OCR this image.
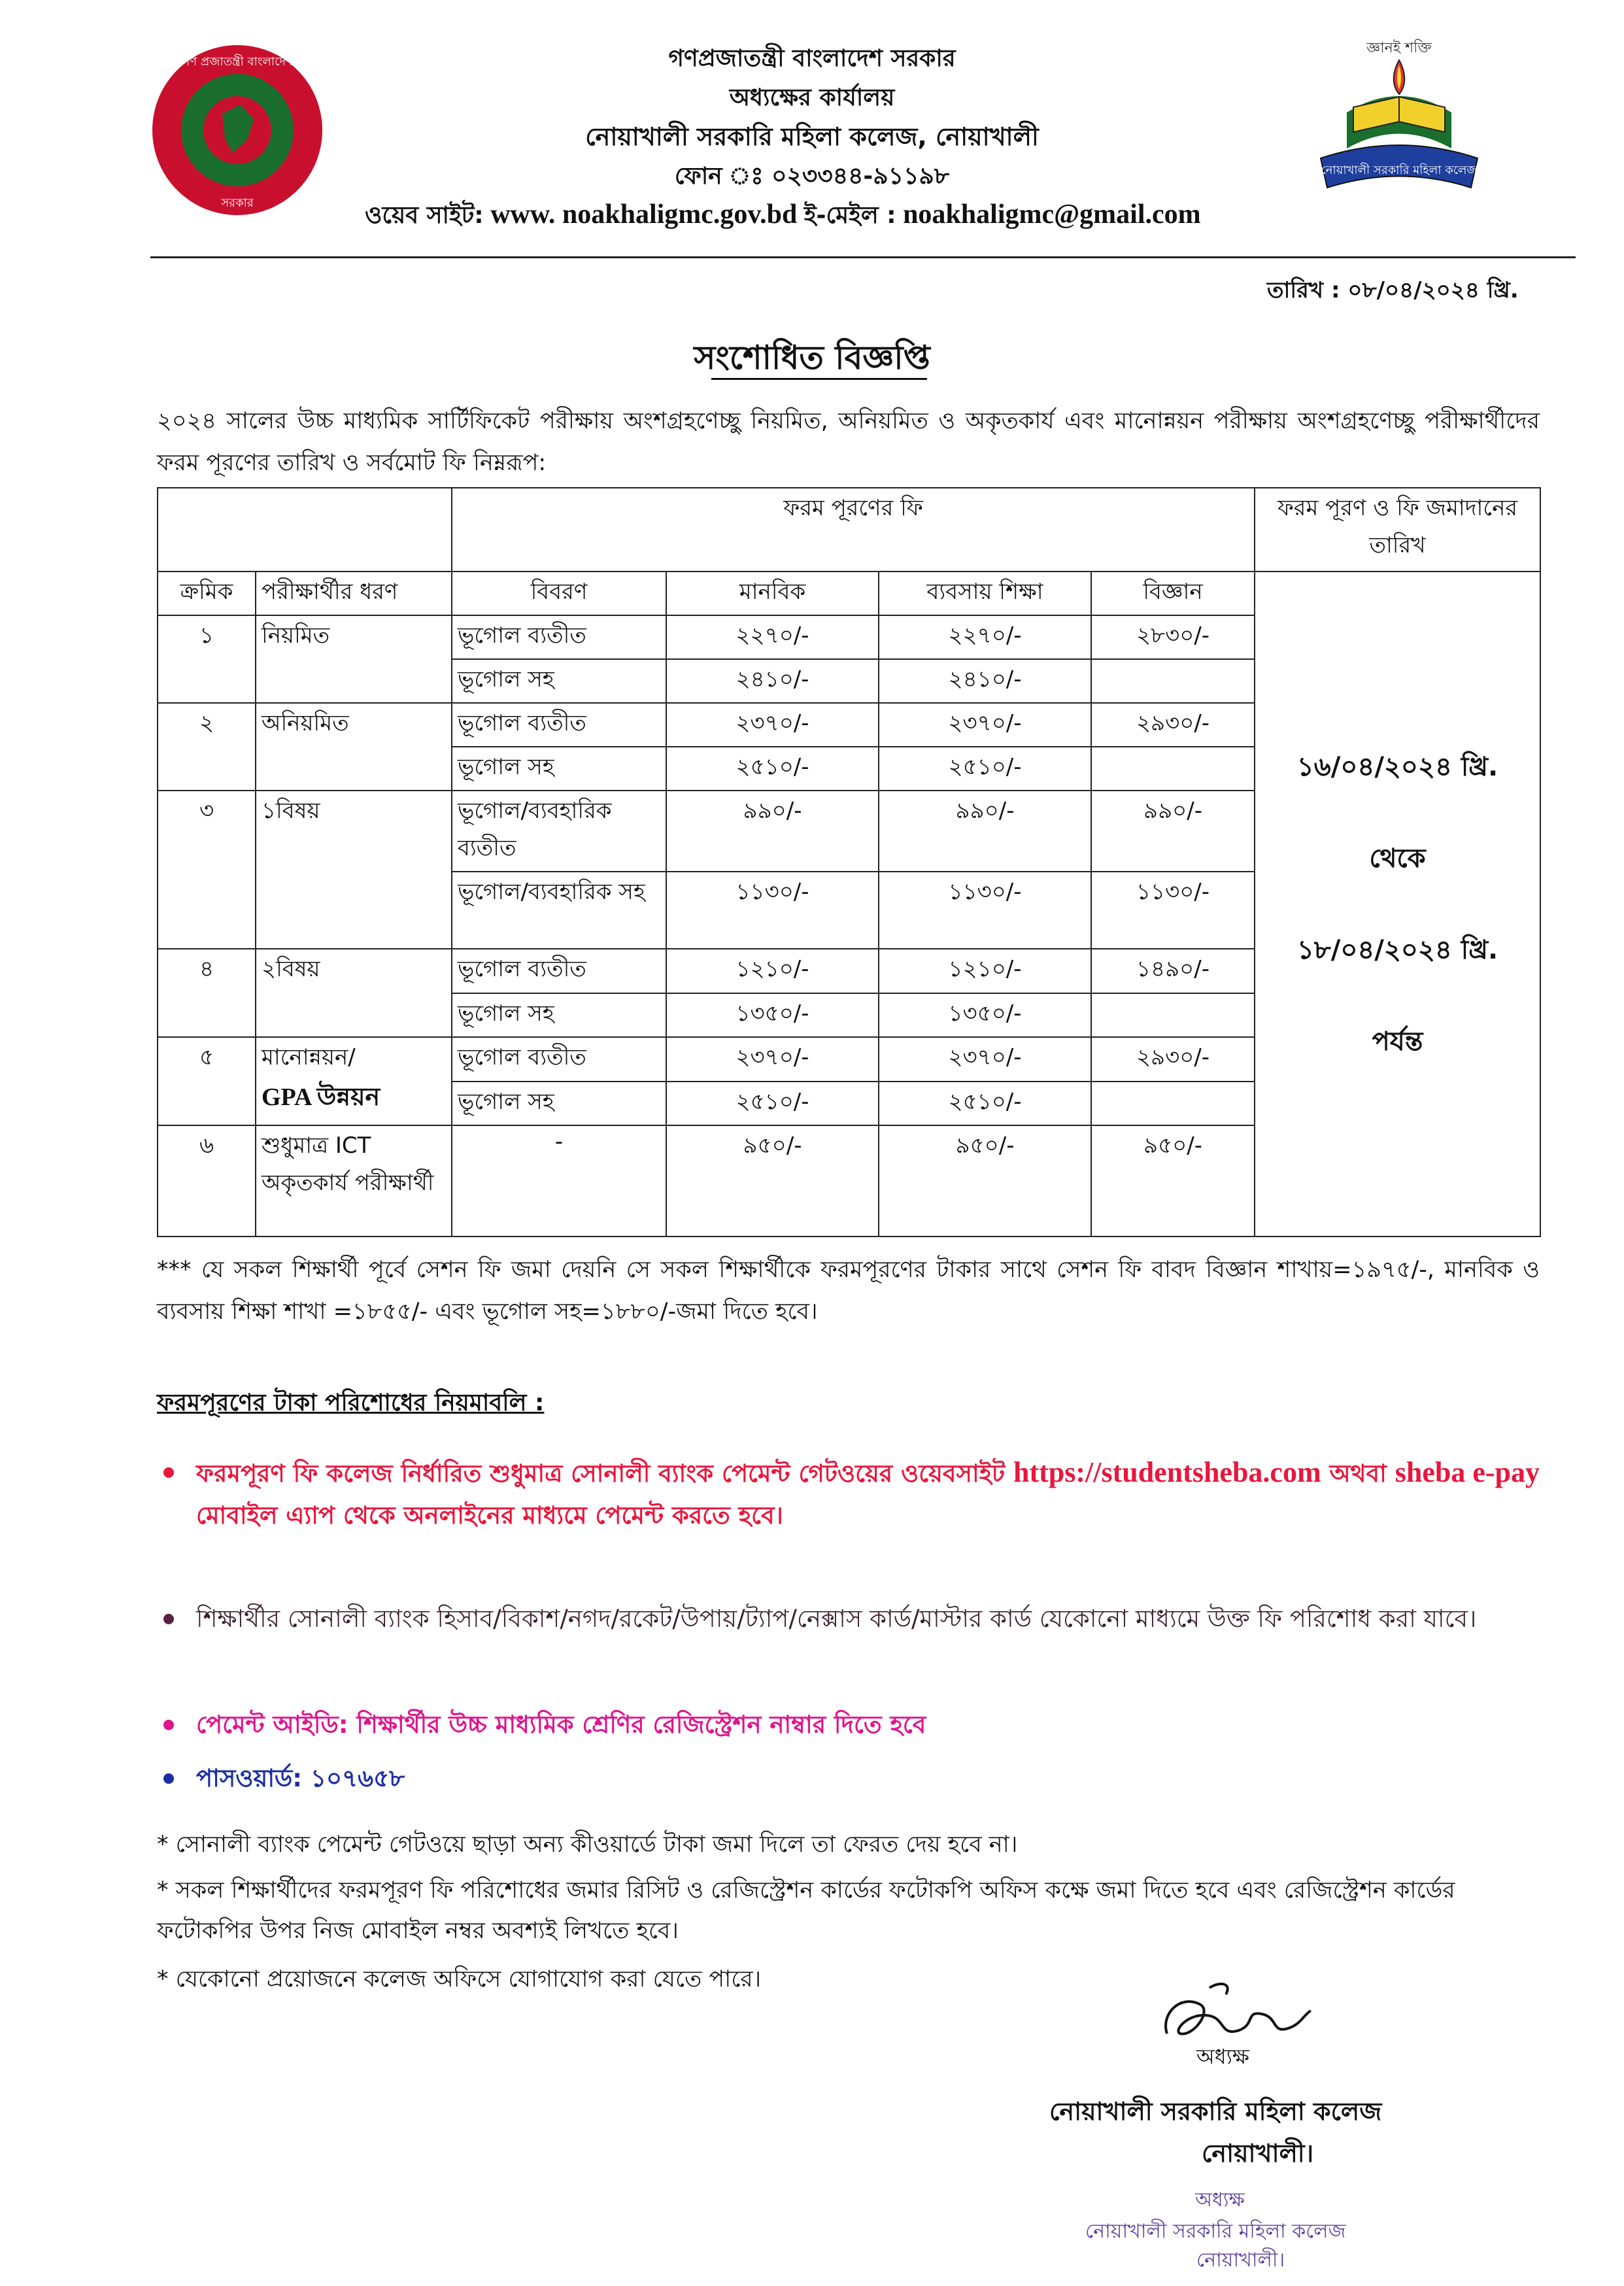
গণ প্রজাতন্ত্রী বাংলাদেশ
সরকার
জ্ঞানই শক্তি
নোয়াখালী সরকারি মহিলা কলেজ
গণপ্রজাতন্ত্রী বাংলাদেশ সরকার
অধ্যক্ষের কার্যালয়
নোয়াখালী সরকারি মহিলা কলেজ, নোয়াখালী
ফোন ঃ ০২৩৩৪৪-৯১১৯৮
ওয়েব সাইট: www. noakhaligmc.gov.bd ই-মেইল : noakhaligmc@gmail.com
তারিখ : ০৮/০৪/২০২৪ খ্রি.
সংশোধিত বিজ্ঞপ্তি
২০২৪ সালের উচ্চ মাধ্যমিক সার্টিফিকেট পরীক্ষায় অংশগ্রহণেচ্ছু নিয়মিত, অনিয়মিত ও অকৃতকার্য এবং মানোন্নয়ন পরীক্ষায় অংশগ্রহণেচ্ছু পরীক্ষার্থীদের ফরম পূরণের তারিখ ও সর্বমোট ফি নিম্নরূপ:
		ফরম পূরণের ফি				ফরম পূরণ ও ফি জমাদানের তারিখ
ক্রমিক	পরীক্ষার্থীর ধরণ	বিবরণ	মানবিক	ব্যবসায় শিক্ষা	বিজ্ঞান	১৬/০৪/২০২৪ খ্রি.
থেকে
১৮/০৪/২০২৪ খ্রি.
পর্যন্ত

১	নিয়মিত	ভূগোল ব্যতীত	২২৭০/-	২২৭০/-	২৮৩০/-	
		ভূগোল সহ	২৪১০/-	২৪১০/-		
২	অনিয়মিত	ভূগোল ব্যতীত	২৩৭০/-	২৩৭০/-	২৯৩০/-	
		ভূগোল সহ	২৫১০/-	২৫১০/-		
৩	১বিষয়	ভূগোল/ব্যবহারিক ব্যতীত	৯৯০/-	৯৯০/-	৯৯০/-	
		ভূগোল/ব্যবহারিক সহ	১১৩০/-	১১৩০/-	১১৩০/-	
৪	২বিষয়	ভূগোল ব্যতীত	১২১০/-	১২১০/-	১৪৯০/-	
		ভূগোল সহ	১৩৫০/-	১৩৫০/-		
৫	মানোন্নয়ন/
GPA উন্নয়ন	ভূগোল ব্যতীত	২৩৭০/-	২৩৭০/-	২৯৩০/-	
		ভূগোল সহ	২৫১০/-	২৫১০/-		
৬	শুধুমাত্র ICT অকৃতকার্য পরীক্ষার্থী	-	৯৫০/-	৯৫০/-	৯৫০/-	
*** যে সকল শিক্ষার্থী পূর্বে সেশন ফি জমা দেয়নি সে সকল শিক্ষার্থীকে ফরমপূরণের টাকার সাথে সেশন ফি বাবদ বিজ্ঞান শাখায়=১৯৭৫/-, মানবিক ও ব্যবসায় শিক্ষা শাখা =১৮৫৫/- এবং ভূগোল সহ=১৮৮০/-জমা দিতে হবে।
ফরমপূরণের টাকা পরিশোধের নিয়মাবলি :
ফরমপূরণ ফি কলেজ নির্ধারিত শুধুমাত্র সোনালী ব্যাংক পেমেন্ট গেটওয়ের ওয়েবসাইট https://studentsheba.com অথবা sheba e-pay মোবাইল এ্যাপ থেকে অনলাইনের মাধ্যমে পেমেন্ট করতে হবে।
শিক্ষার্থীর সোনালী ব্যাংক হিসাব/বিকাশ/নগদ/রকেট/উপায়/ট্যাপ/নেক্সাস কার্ড/মাস্টার কার্ড যেকোনো মাধ্যমে উক্ত ফি পরিশোধ করা যাবে।
পেমেন্ট আইডি: শিক্ষার্থীর উচ্চ মাধ্যমিক শ্রেণির রেজিস্ট্রেশন নাম্বার দিতে হবে
পাসওয়ার্ড: ১০৭৬৫৮
* সোনালী ব্যাংক পেমেন্ট গেটওয়ে ছাড়া অন্য কীওয়ার্ডে টাকা জমা দিলে তা ফেরত দেয় হবে না।
* সকল শিক্ষার্থীদের ফরমপূরণ ফি পরিশোধের জমার রিসিট ও রেজিস্ট্রেশন কার্ডের ফটোকপি অফিস কক্ষে জমা দিতে হবে এবং রেজিস্ট্রেশন কার্ডের ফটোকপির উপর নিজ মোবাইল নম্বর অবশ্যই লিখতে হবে।
* যেকোনো প্রয়োজনে কলেজ অফিসে যোগাযোগ করা যেতে পারে।
অধ্যক্ষ
নোয়াখালী সরকারি মহিলা কলেজ
নোয়াখালী।
অধ্যক্ষ
নোয়াখালী সরকারি মহিলা কলেজ
নোয়াখালী।
